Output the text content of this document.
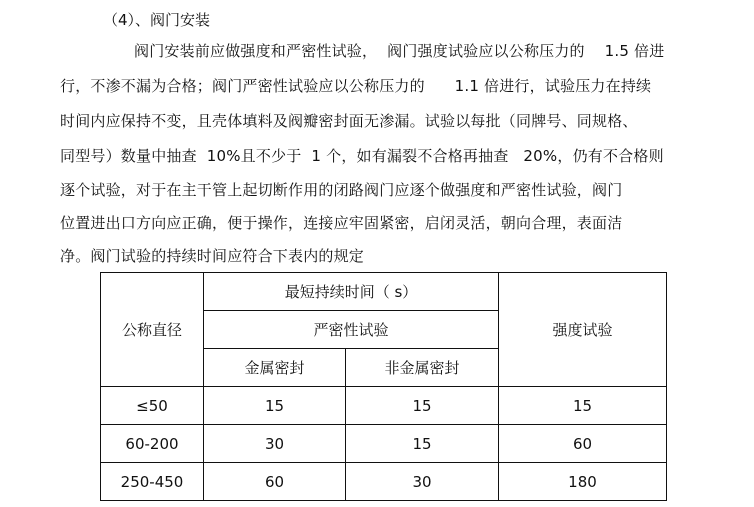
（4）、阀门安装
阀门安装前应做强度和严密性试验，  阀门强度试验应以公称压力的    1.5 倍进
行，不渗不漏为合格；阀门严密性试验应以公称压力的      1.1 倍进行，试验压力在持续
时间内应保持不变，且壳体填料及阀瓣密封面无渗漏。试验以每批（同牌号、同规格、
同型号）数量中抽查  10%且不少于  1 个，如有漏裂不合格再抽查   20%，仍有不合格则
逐个试验，对于在主干管上起切断作用的闭路阀门应逐个做强度和严密性试验，阀门
位置进出口方向应正确，便于操作，连接应牢固紧密，启闭灵活，朝向合理，表面洁
净。阀门试验的持续时间应符合下表内的规定
公称直径	最短持续时间（ s）		强度试验
	严密性试验		
	金属密封	非金属密封	
≤50	15	15	15
60-200	30	15	60
250-450	60	30	180
